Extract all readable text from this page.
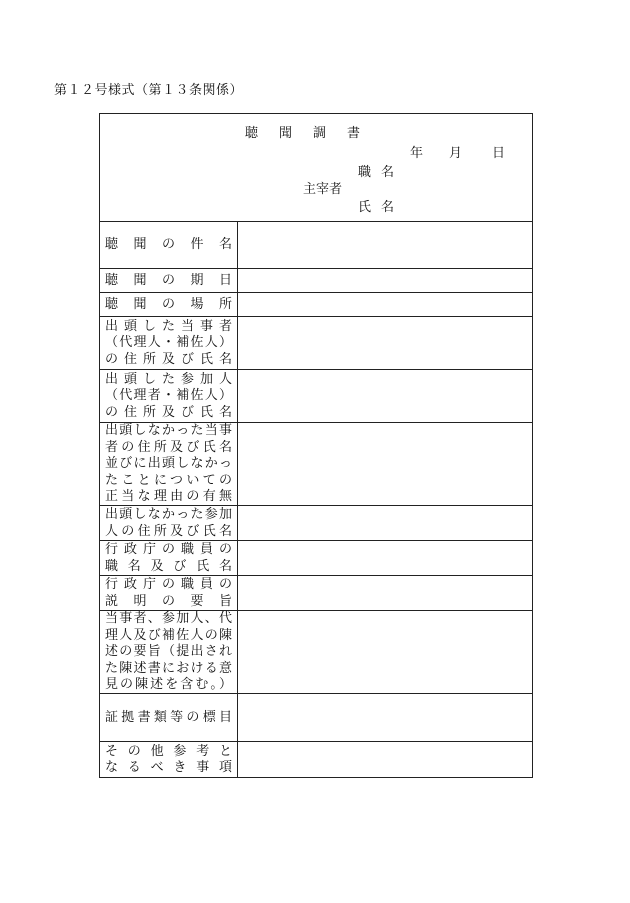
第１２号様式（第１３条関係）
聴聞調書
年 月 日
職名
主宰者
氏名
聴 聞 の 件 名
聴 聞 の 期 日
聴 聞 の 場 所
出頭した当事者
（代理人・補佐人）
の住所及び氏名
出頭した参加人
（代理者・補佐人）
の住所及び氏名
出頭しなかった当事
者の住所及び氏名
並びに出頭しなかっ
たことについての
正当な理由の有無
出頭しなかった参加
人の住所及び氏名
行政庁の職員の
職名及び氏名
行政庁の職員の
説明の要旨
当事者、参加人、代
理人及び補佐人の陳
述の要旨（提出され
た陳述書における意
見の陳述を含む。）
証拠書類等の標目
その他参考と
なるべき事項
